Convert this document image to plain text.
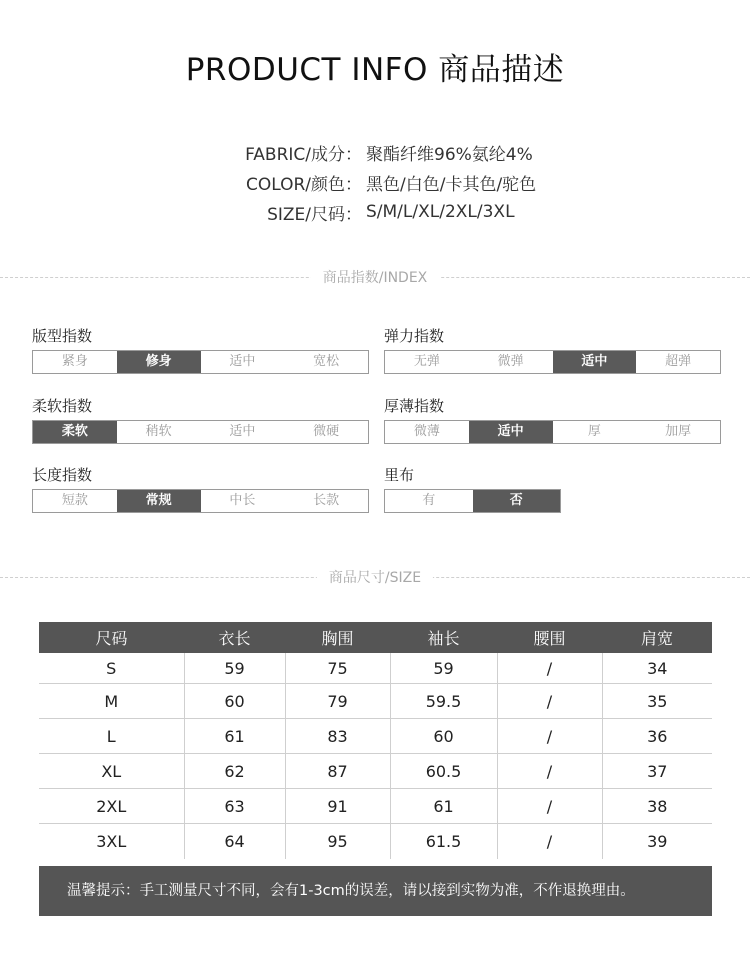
PRODUCT INFO 商品描述
FABRIC/成分： 聚酯纤维96%氨纶4%
COLOR/颜色： 黑色/白色/卡其色/驼色
SIZE/尺码： S/M/L/XL/2XL/3XL
商品指数/INDEX
版型指数
紧身	修身	适中	宽松
弹力指数
无弹	微弹	适中	超弹
柔软指数
柔软	稍软	适中	微硬
厚薄指数
微薄	适中	厚	加厚
长度指数
短款	常规	中长	长款
里布
有	否
商品尺寸/SIZE
尺码	衣长	胸围	袖长	腰围	肩宽
S	59	75	59	/	34
M	60	79	59.5	/	35
L	61	83	60	/	36
XL	62	87	60.5	/	37
2XL	63	91	61	/	38
3XL	64	95	61.5	/	39
温馨提示：手工测量尺寸不同，会有1-3cm的误差，请以接到实物为准，不作退换理由。
